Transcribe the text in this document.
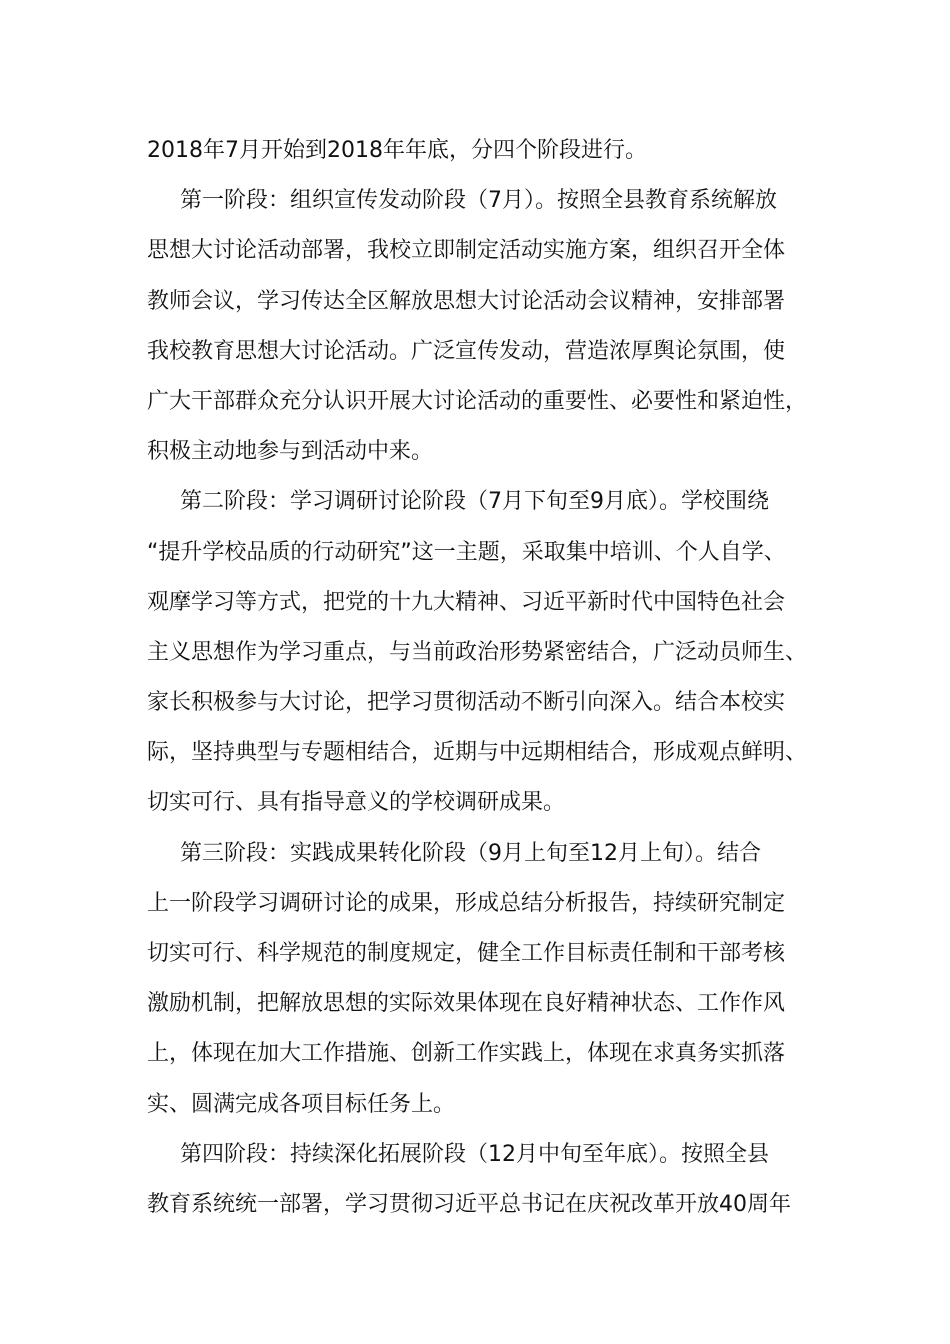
2018年7月开始到2018年年底，分四个阶段进行。
第一阶段：组织宣传发动阶段（7月）。按照全县教育系统解放
思想大讨论活动部署，我校立即制定活动实施方案，组织召开全体
教师会议，学习传达全区解放思想大讨论活动会议精神，安排部署
我校教育思想大讨论活动。广泛宣传发动，营造浓厚舆论氛围，使
广大干部群众充分认识开展大讨论活动的重要性、必要性和紧迫性，
积极主动地参与到活动中来。
第二阶段：学习调研讨论阶段（7月下旬至9月底）。学校围绕
“提升学校品质的行动研究”这一主题，采取集中培训、个人自学、
观摩学习等方式，把党的十九大精神、习近平新时代中国特色社会
主义思想作为学习重点，与当前政治形势紧密结合，广泛动员师生、
家长积极参与大讨论，把学习贯彻活动不断引向深入。结合本校实
际，坚持典型与专题相结合，近期与中远期相结合，形成观点鲜明、
切实可行、具有指导意义的学校调研成果。
第三阶段：实践成果转化阶段（9月上旬至12月上旬）。结合
上一阶段学习调研讨论的成果，形成总结分析报告，持续研究制定
切实可行、科学规范的制度规定，健全工作目标责任制和干部考核
激励机制，把解放思想的实际效果体现在良好精神状态、工作作风
上，体现在加大工作措施、创新工作实践上，体现在求真务实抓落
实、圆满完成各项目标任务上。
第四阶段：持续深化拓展阶段（12月中旬至年底）。按照全县
教育系统统一部署，学习贯彻习近平总书记在庆祝改革开放40周年
